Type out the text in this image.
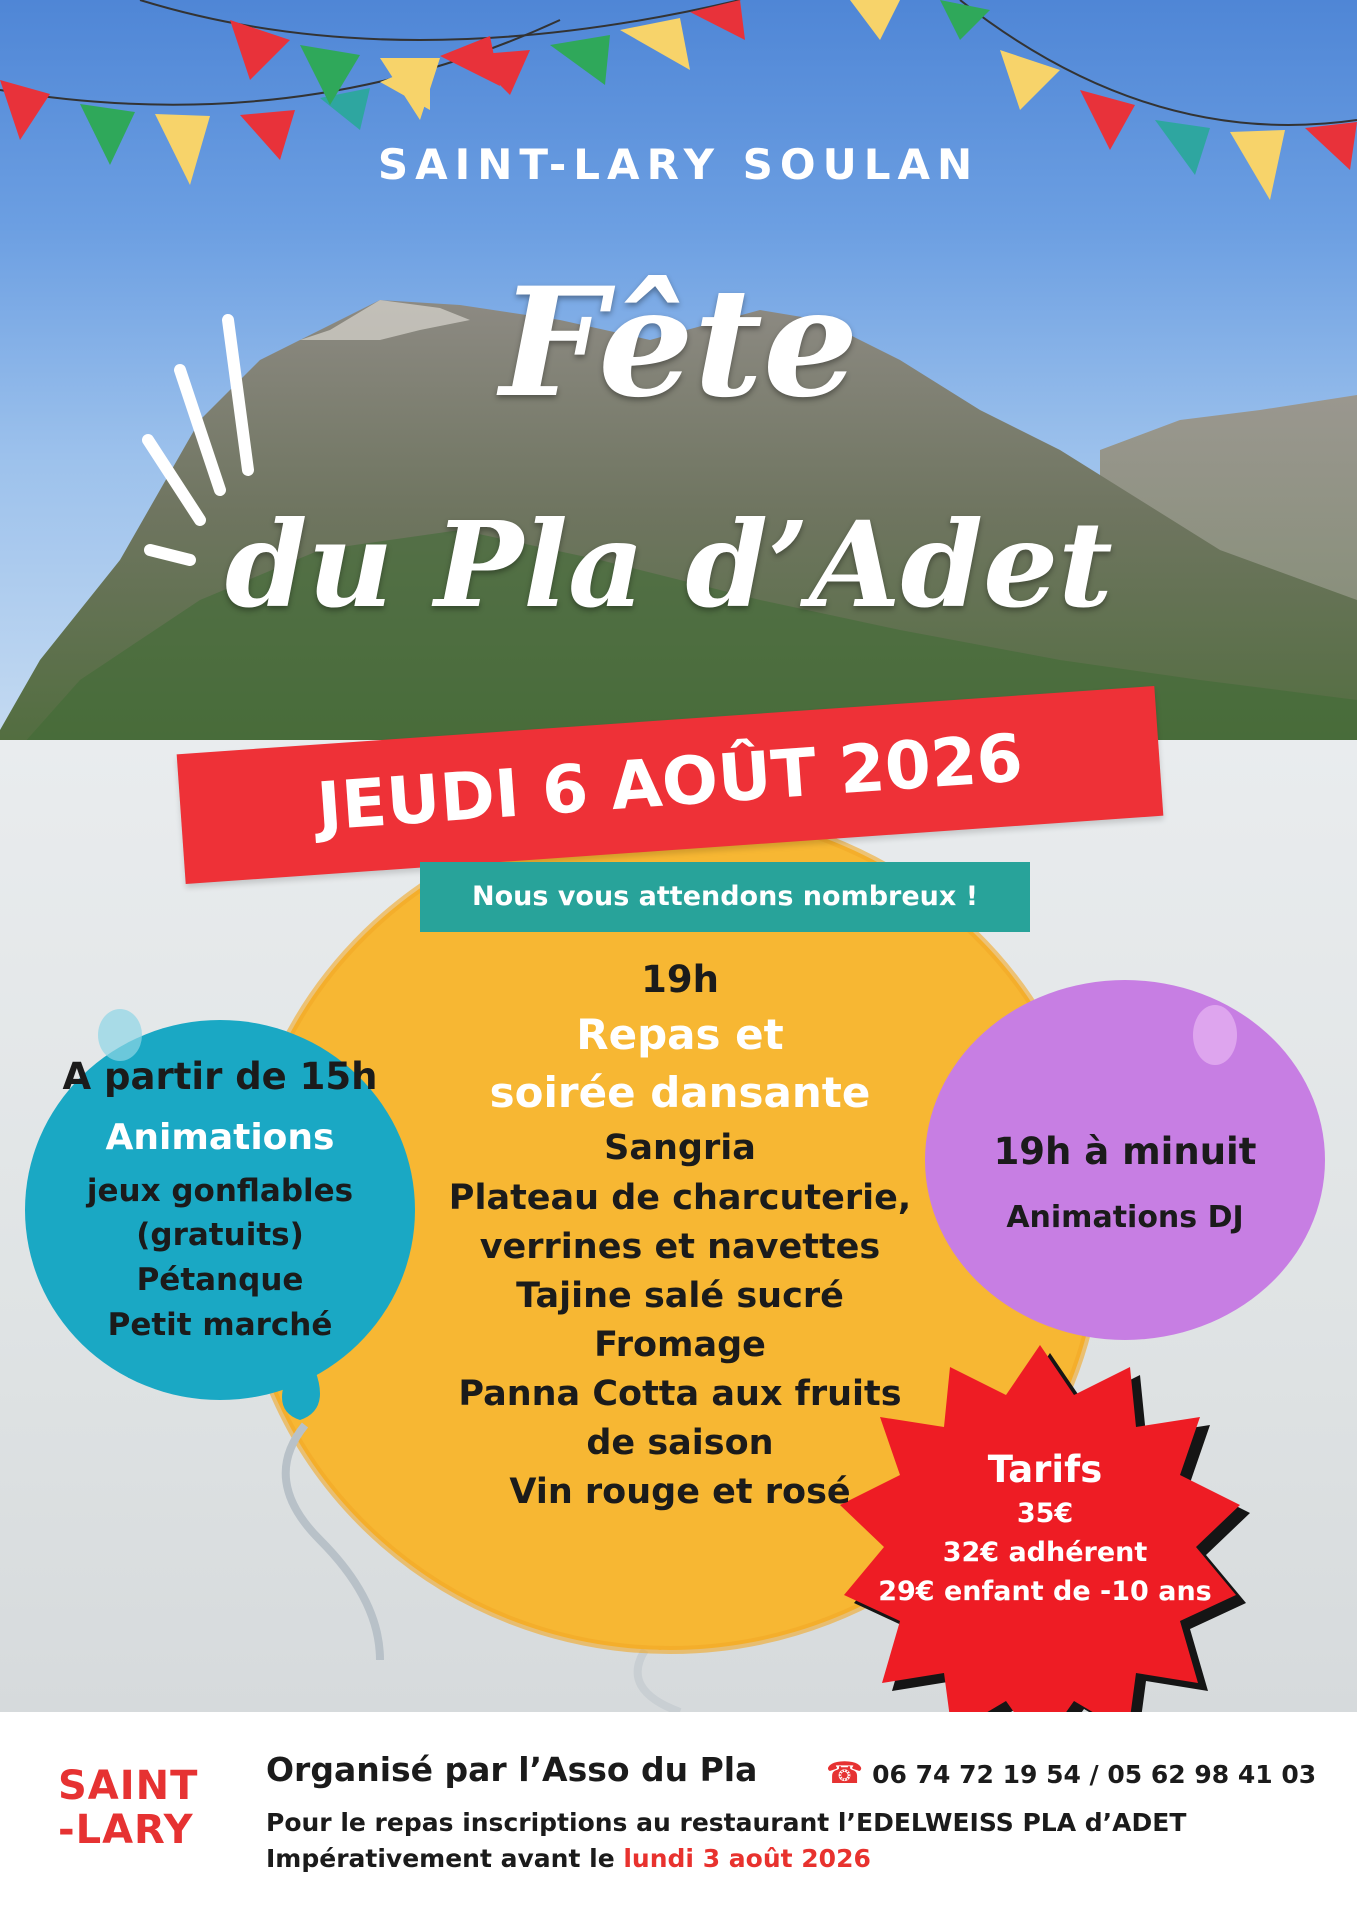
SAINT-LARY SOULAN
Fête
du Pla d’Adet
JEUDI 6 AOÛT 2026
Nous vous attendons nombreux !
19h
Repas et
soirée dansante
Sangria
Plateau de charcuterie,
verrines et navettes
Tajine salé sucré
Fromage
Panna Cotta aux fruits
de saison
Vin rouge et rosé
A partir de 15h
Animations
jeux gonflables
(gratuits)
Pétanque
Petit marché
19h à minuit
Animations DJ
Tarifs
35€
32€ adhérent
29€ enfant de -10 ans
SAINT
-LARY
Organisé par l’Asso du Pla ☎ 06 74 72 19 54 / 05 62 98 41 03
Pour le repas inscriptions au restaurant l’EDELWEISS PLA d’ADET
Impérativement avant le lundi 3 août 2026
